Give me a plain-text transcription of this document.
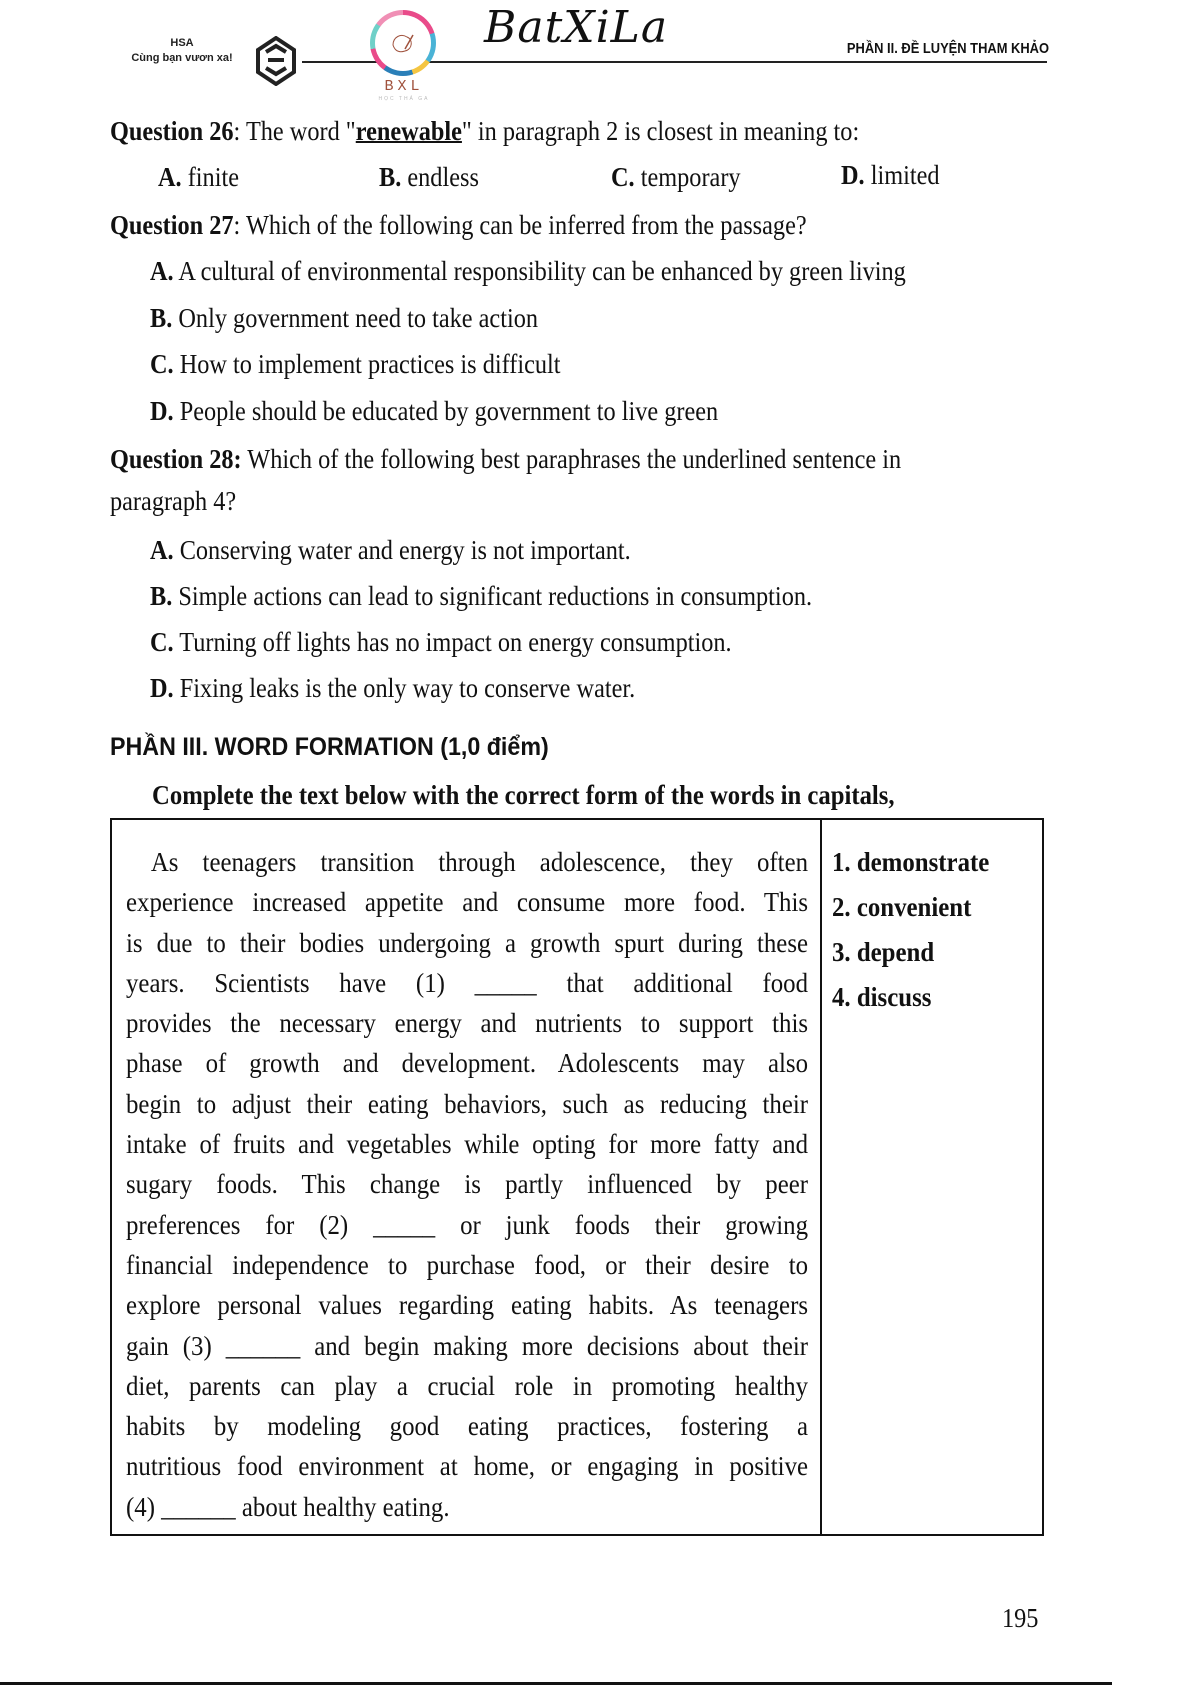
HSA
Cùng bạn vươn xa!
BXL
HỌC THẢ GA
BatXiLa	PHẦN II. ĐỀ LUYỆN THAM KHẢO
Question 26: The word "renewable" in paragraph 2 is closest in meaning to:
A. finite	B. endless	C. temporary	D. limited
Question 27: Which of the following can be inferred from the passage?
A. A cultural of environmental responsibility can be enhanced by green living
B. Only government need to take action
C. How to implement practices is difficult
D. People should be educated by government to live green
Question 28: Which of the following best paraphrases the underlined sentence in
paragraph 4?
A. Conserving water and energy is not important.
B. Simple actions can lead to significant reductions in consumption.
C. Turning off lights has no impact on energy consumption.
D. Fixing leaks is the only way to conserve water.
PHẦN III. WORD FORMATION (1,0 điểm)
Complete the text below with the correct form of the words in capitals,
 As teenagers transition through adolescence, they often
experience increased appetite and consume more food. This
is due to their bodies undergoing a growth spurt during these
years. Scientists have (1) _____ that additional food
provides the necessary energy and nutrients to support this
phase of growth and development. Adolescents may also
begin to adjust their eating behaviors, such as reducing their
intake of fruits and vegetables while opting for more fatty and
sugary foods. This change is partly influenced by peer
preferences for (2) _____ or junk foods their growing
financial independence to purchase food, or their desire to
explore personal values regarding eating habits. As teenagers
gain (3) ______ and begin making more decisions about their
diet, parents can play a crucial role in promoting healthy
habits by modeling good eating practices, fostering a
nutritious food environment at home, or engaging in positive
(4) ______ about healthy eating.
1. demonstrate
2. convenient
3. depend
4. discuss
195
